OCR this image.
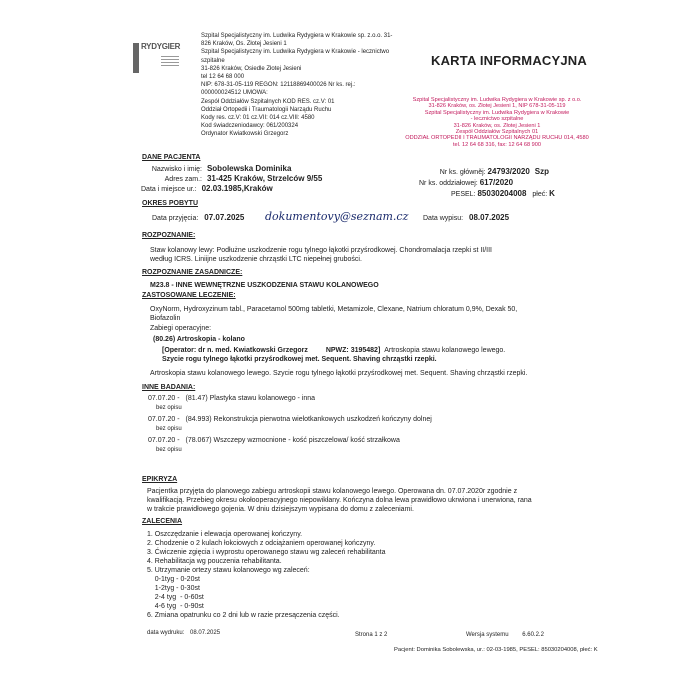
RYDYGIER
Szpital Specjalistyczny im. Ludwika Rydygiera w Krakowie sp. z.o.o. 31-
826 Kraków, Os. Złotej Jesieni 1
Szpital Specjalistyczny im. Ludwika Rydygiera w Krakowie - lecznictwo
szpitalne
31-826 Kraków, Osiedle Złotej Jesieni
tel 12 64 68 000
NIP: 678-31-05-119 REGON: 12118869400026 Nr ks. rej.:
000000024512 UMOWA:
Zespół Oddziałów Szpitalnych KOD RES. cz.V: 01
Oddział Ortopedii i Traumatologii Narządu Ruchu
Kody res. cz.V: 01 cz.VII: 014 cz.VIII: 4580
Kod świadczeniodawcy: 061/200324
Ordynator Kwiatkowski Grzegorz
KARTA INFORMACYJNA
Szpital Specjalistyczny im. Ludwika Rydygiera w Krakowie sp. z o.o.
31-826 Kraków, os. Złotej Jesieni 1, NIP 678-31-05-119
Szpital Specjalistyczny im. Ludwika Rydygiera w Krakowie
- lecznictwo szpitalne
31-826 Kraków, os. Złotej Jesieni 1
Zespół Oddziałów Szpitalnych 01
ODDZIAŁ ORTOPEDII I TRAUMATOLOGII NARZĄDU RUCHU 014, 4580
tel. 12 64 68 316, fax: 12 64 68 900
DANE PACJENTA
Nazwisko i imię: Sobolewska Dominika
Adres zam.: 31-425 Kraków, Strzelców 9/55
Data i miejsce ur.: 02.03.1985,Kraków
Nr ks. główněj: 24793/2020 Szp
Nr ks. oddziałowej: 617/2020
PESEL: 85030204008 płeć: K
OKRES POBYTU
Data przyjęcia: 07.07.2025	Data wypisu: 08.07.2025
dokumentovy@seznam.cz
ROZPOZNANIE:
Staw kolanowy lewy: Podłużne uszkodzenie rogu tylnego łąkotki przyśrodkowej. Chondromalacja rzepki st II/III
według ICRS. Liniijne uszkodzenie chrząstki LTC niepełnej grubości.
ROZPOZNANIE ZASADNICZE:
M23.8 - INNE WEWNĘTRZNE USZKODZENIA STAWU KOLANOWEGO
ZASTOSOWANE LECZENIE:
OxyNorm, Hydroxyzinum tabl., Paracetamol 500mg tabletki, Metamizole, Clexane, Natrium chloratum 0,9%, Dexak 50,
Biofazolin
Zabiegi operacyjne:
(80.26) Artroskopia - kolano
[Operator: dr n. med. Kwiatkowski Grzegorz	NPWZ: 3195482] Artroskopia stawu kolanowego lewego.
Szycie rogu tylnego łąkotki przyśrodkowej met. Sequent. Shaving chrząstki rzepki.
Artroskopia stawu kolanowego lewego. Szycie rogu tylnego łąkotki przyśrodkowej met. Sequent. Shaving chrząstki rzepki.
INNE BADANIA:
07.07.20 - (81.47) Plastyka stawu kolanowego - inna
bez opisu
07.07.20 - (84.993) Rekonstrukcja pierwotna wielotkankowych uszkodzeń kończyny dolnej
bez opisu
07.07.20 - (78.067) Wszczepy wzmocnione - kość piszczelowa/ kość strzałkowa
bez opisu
EPIKRYZA
Pacjentka przyjęta do planowego zabiegu artroskopii stawu kolanowego lewego. Operowana dn. 07.07.2020r zgodnie z
kwalifikacją. Przebieg okresu okołooperacyjnego niepowikłany. Kończyna dolna lewa prawidłowo ukrwiona i unerwiona, rana
w trakcie prawidłowego gojenia. W dniu dzisiejszym wypisana do domu z zaleceniami.
ZALECENIA
1. Oszczędzanie i elewacja operowanej kończyny.
2. Chodzenie o 2 kulach łokciowych z odciążaniem operowanej kończyny.
3. Ćwiczenie zgięcia i wyprostu operowanego stawu wg zaleceń rehabilitanta
4. Rehabilitacja wg pouczenia rehabilitanta.
5. Utrzymanie ortezy stawu kolanowego wg zaleceń:
0-1tyg - 0-20st
1-2tyg - 0-30st
2-4 tyg  - 0-60st
4-6 tyg  - 0-90st
6. Zmiana opatrunku co 2 dni lub w razie przesączenia części.
data wydruku: 08.07.2025	Strona 1 z 2	Wersja systemu 6.60.2.2
Pacjent: Dominika Sobolewska, ur.: 02-03-1985, PESEL: 85030204008, płeć: K
